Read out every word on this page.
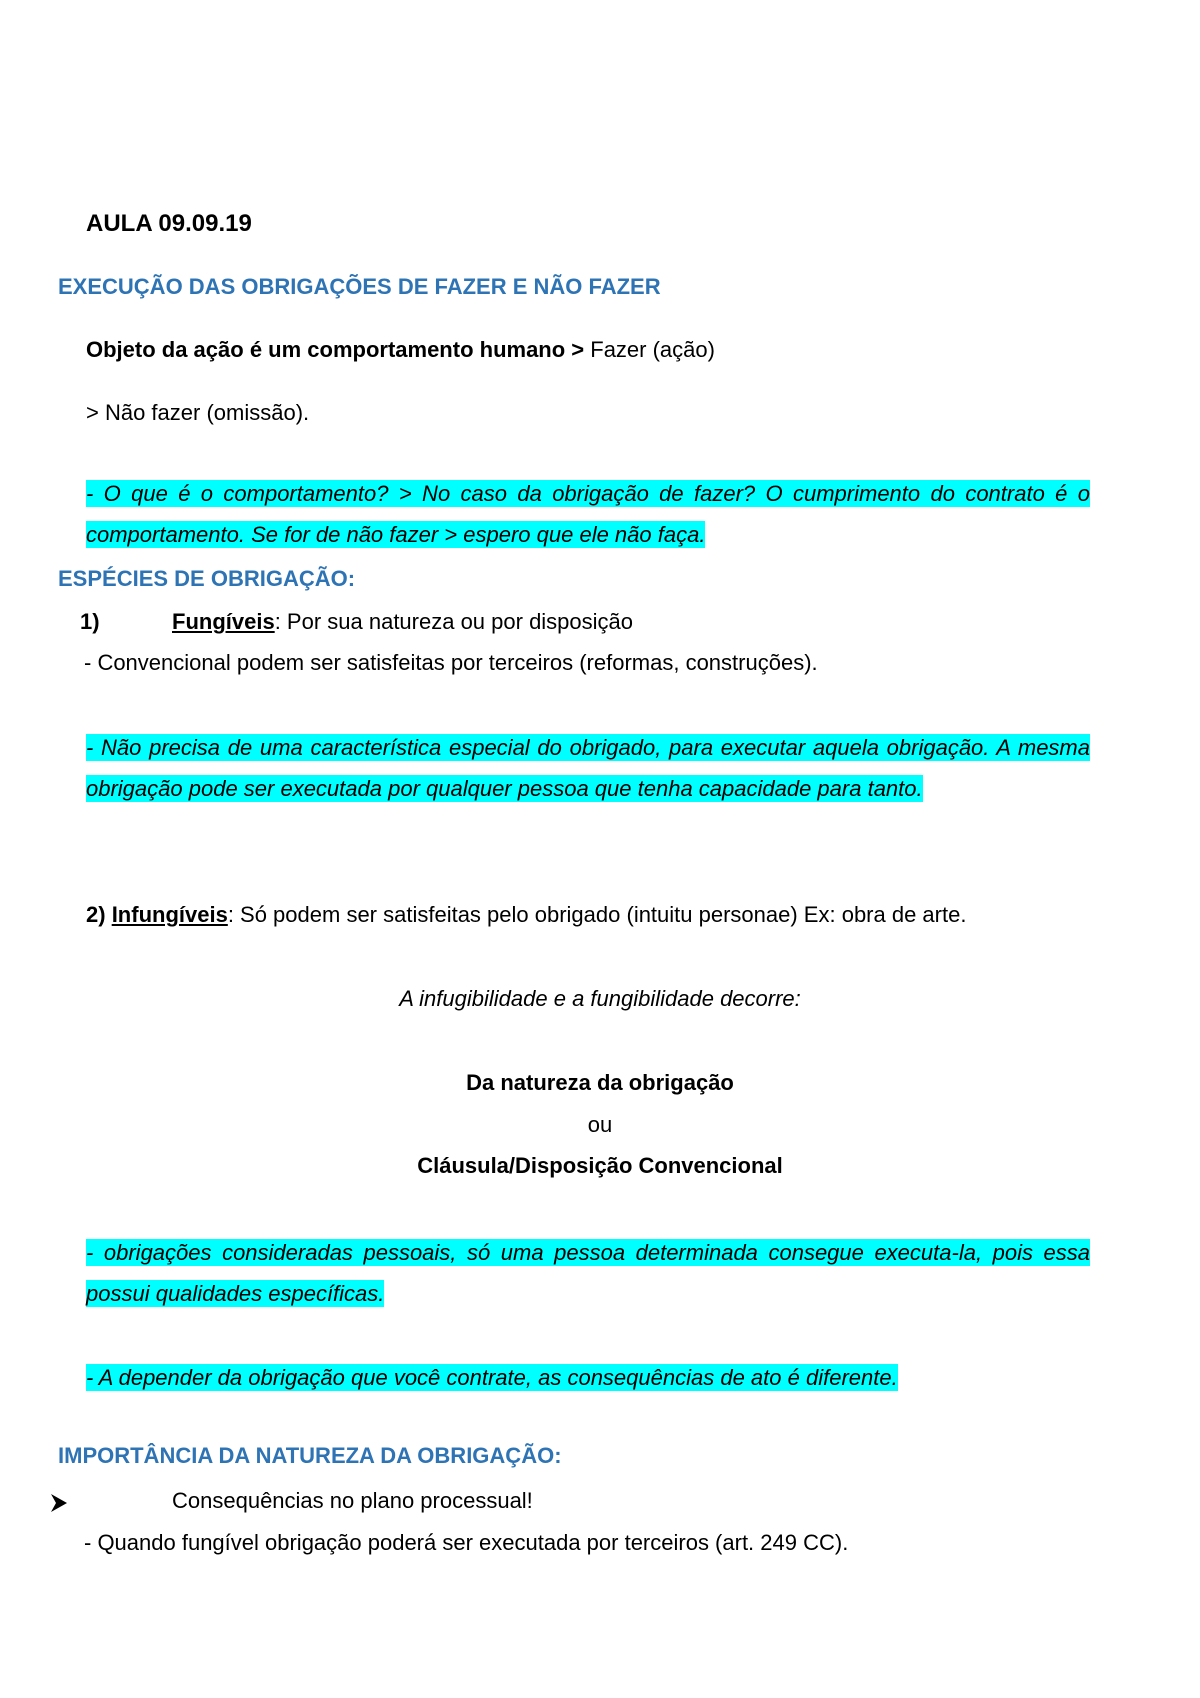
AULA 09.09.19
EXECUÇÃO DAS OBRIGAÇÕES DE FAZER E NÃO FAZER
Objeto da ação é um comportamento humano > Fazer (ação)
> Não fazer (omissão).
- O que é o comportamento? > No caso da obrigação de fazer? O cumprimento do contrato é o comportamento. Se for de não fazer > espero que ele não faça.
ESPÉCIES DE OBRIGAÇÃO:
1)	Fungíveis: Por sua natureza ou por disposição
- Convencional podem ser satisfeitas por terceiros (reformas, construções).
- Não precisa de uma característica especial do obrigado, para executar aquela obrigação. A mesma obrigação pode ser executada por qualquer pessoa que tenha capacidade para tanto.
2) Infungíveis: Só podem ser satisfeitas pelo obrigado (intuitu personae) Ex: obra de arte.
A infugibilidade e a fungibilidade decorre:
Da natureza da obrigação
ou
Cláusula/Disposição Convencional
- obrigações consideradas pessoais, só uma pessoa determinada consegue executa-la, pois essa possui qualidades específicas.
- A depender da obrigação que você contrate, as consequências de ato é diferente.
IMPORTÂNCIA DA NATUREZA DA OBRIGAÇÃO:
Consequências no plano processual!
- Quando fungível obrigação poderá ser executada por terceiros (art. 249 CC).
